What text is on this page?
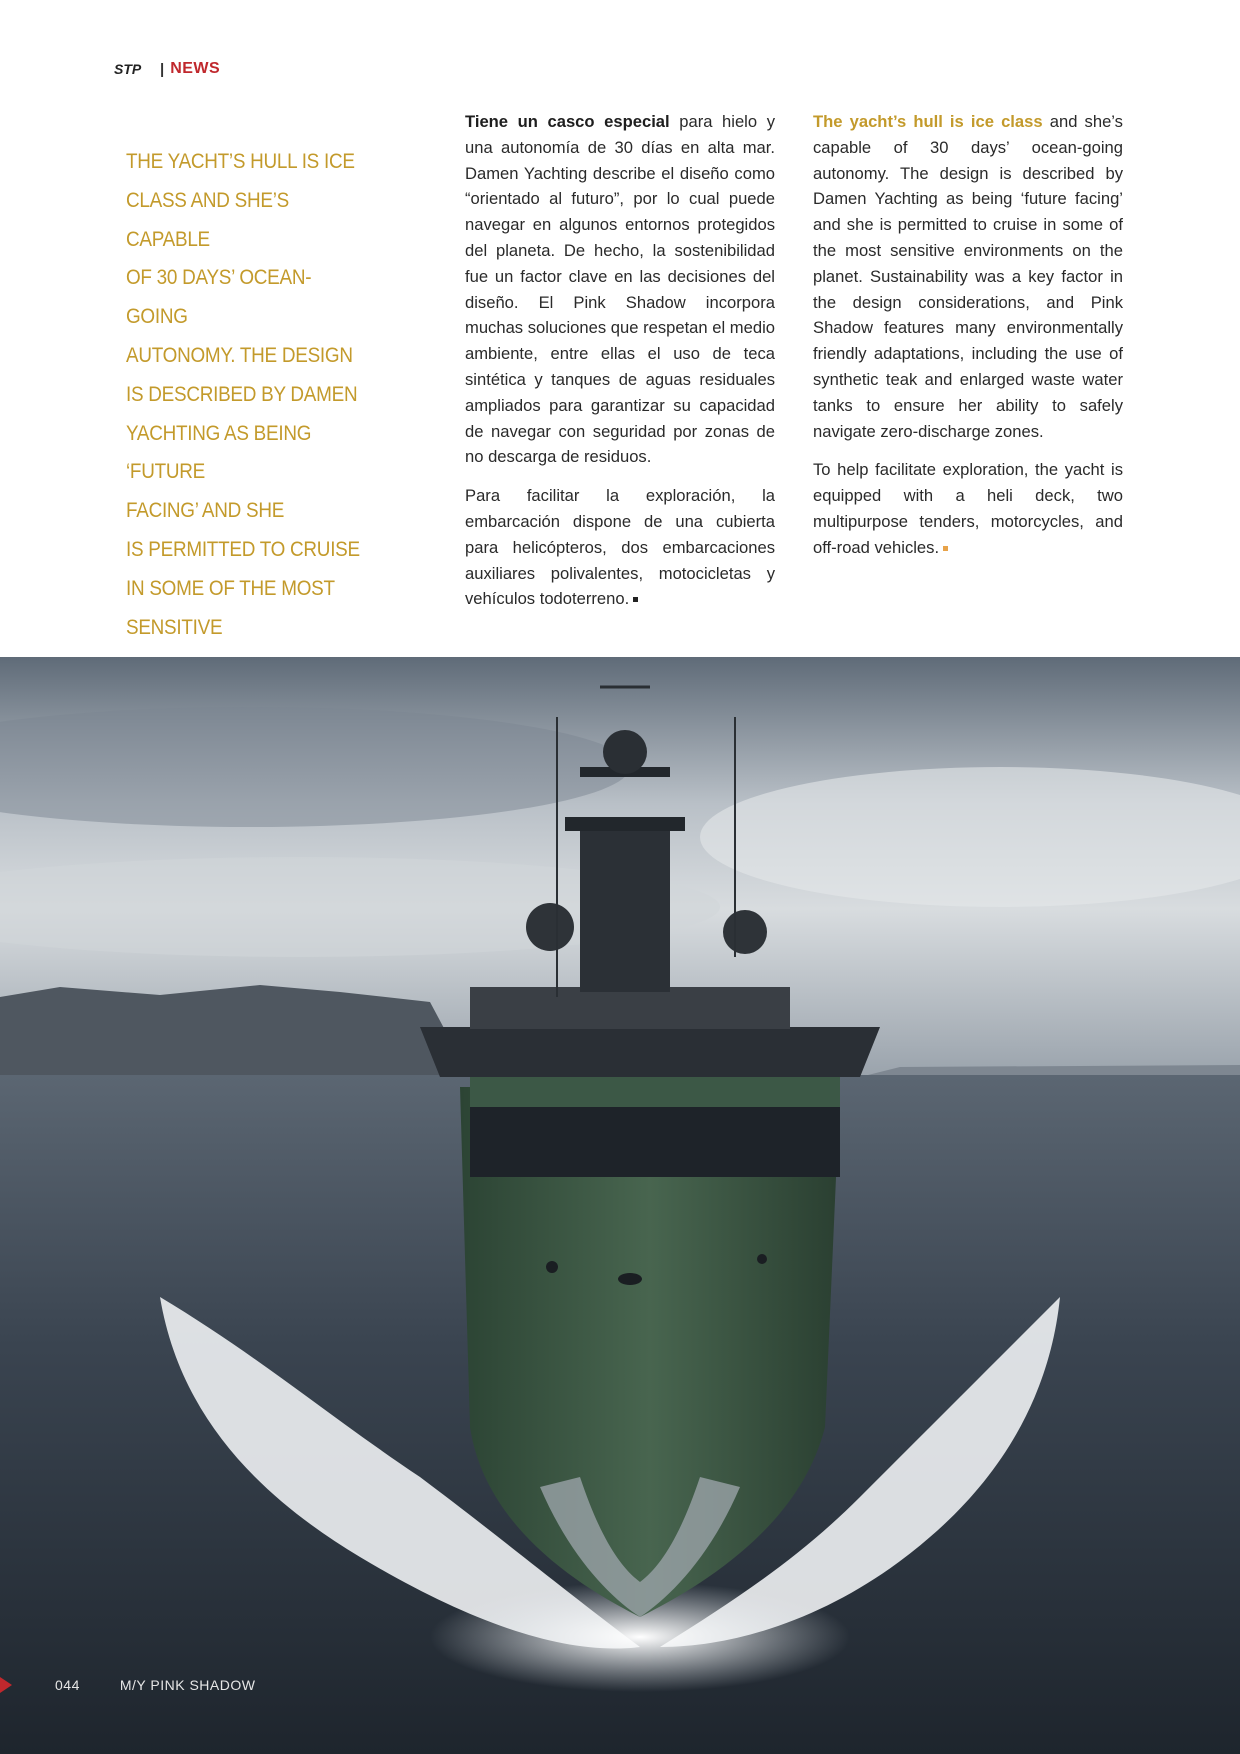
STP | NEWS
THE YACHT’S HULL IS ICE
CLASS AND SHE’S CAPABLE
OF 30 DAYS’ OCEAN-GOING
AUTONOMY. THE DESIGN
IS DESCRIBED BY DAMEN
YACHTING AS BEING ‘FUTURE
FACING’ AND SHE
IS PERMITTED TO CRUISE
IN SOME OF THE MOST
SENSITIVE

Tiene un casco especial para hielo y una autonomía de 30 días en alta mar. Damen Yachting describe el diseño como “orientado al futuro”, por lo cual puede navegar en algunos entornos protegidos del planeta. De hecho, la sostenibilidad fue un factor clave en las decisiones del diseño. El Pink Shadow incorpora muchas soluciones que respetan el medio ambiente, entre ellas el uso de teca sintética y tanques de aguas residuales ampliados para garantizar su capacidad de navegar con seguridad por zonas de no descarga de residuos.

Para facilitar la exploración, la embarcación dispone de una cubierta para helicópteros, dos embarcaciones auxiliares polivalentes, motocicletas y vehículos todoterreno.

The yacht’s hull is ice class and she’s capable of 30 days’ ocean-going autonomy. The design is described by Damen Yachting as being ‘future facing’ and she is permitted to cruise in some of the most sensitive environments on the planet. Sustainability was a key factor in the design considerations, and Pink Shadow features many environmentally friendly adaptations, including the use of synthetic teak and enlarged waste water tanks to ensure her ability to safely navigate zero-discharge zones.

To help facilitate exploration, the yacht is equipped with a heli deck, two multipurpose tenders, motorcycles, and off-road vehicles.

044	M/Y PINK SHADOW
